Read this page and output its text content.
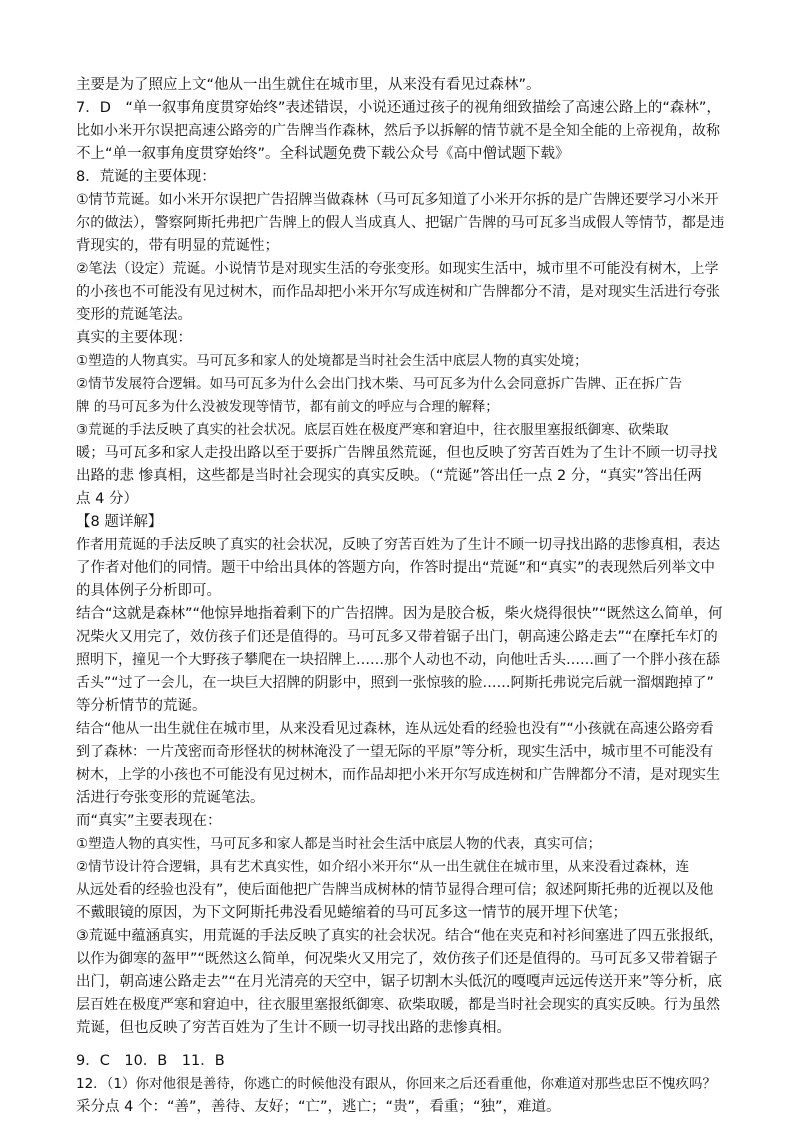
主要是为了照应上文“他从一出生就住在城市里，从来没有看见过森林”。
7．D　“单一叙事角度贯穿始终”表述错误，小说还通过孩子的视角细致描绘了高速公路上的“森林”，
比如小米开尔误把高速公路旁的广告牌当作森林，然后予以拆解的情节就不是全知全能的上帝视角，故称
不上“单一叙事角度贯穿始终”。全科试题免费下载公众号《高中僧试题下载》
8．荒诞的主要体现：
①情节荒诞。如小米开尔误把广告招牌当做森林（马可瓦多知道了小米开尔拆的是广告牌还要学习小米开
尔的做法），警察阿斯托弗把广告牌上的假人当成真人、把锯广告牌的马可瓦多当成假人等情节，都是违
背现实的，带有明显的荒诞性；
②笔法（设定）荒诞。小说情节是对现实生活的夸张变形。如现实生活中，城市里不可能没有树木，上学
的小孩也不可能没有见过树木，而作品却把小米开尔写成连树和广告牌都分不清，是对现实生活进行夸张
变形的荒诞笔法。
真实的主要体现：
①塑造的人物真实。马可瓦多和家人的处境都是当时社会生活中底层人物的真实处境；
②情节发展符合逻辑。如马可瓦多为什么会出门找木柴、马可瓦多为什么会同意拆广告牌、正在拆广告
牌 的马可瓦多为什么没被发现等情节，都有前文的呼应与合理的解释；
③荒诞的手法反映了真实的社会状况。底层百姓在极度严寒和窘迫中，往衣服里塞报纸御寒、砍柴取
暖；马可瓦多和家人走投出路以至于要拆广告牌虽然荒诞，但也反映了穷苦百姓为了生计不顾一切寻找
出路的悲 惨真相，这些都是当时社会现实的真实反映。（“荒诞”答出任一点 2 分，“真实”答出任两
点 4 分）
【8 题详解】
作者用荒诞的手法反映了真实的社会状况，反映了穷苦百姓为了生计不顾一切寻找出路的悲惨真相，表达
了作者对他们的同情。题干中给出具体的答题方向，作答时提出“荒诞”和“真实”的表现然后列举文中
的具体例子分析即可。
结合“这就是森林”“他惊异地指着剩下的广告招牌。因为是胶合板，柴火烧得很快”“既然这么简单，何
况柴火又用完了，效仿孩子们还是值得的。马可瓦多又带着锯子出门，朝高速公路走去”“在摩托车灯的
照明下，撞见一个大野孩子攀爬在一块招牌上……那个人动也不动，向他吐舌头……画了一个胖小孩在舔
舌头”“过了一会儿，在一块巨大招牌的阴影中，照到一张惊骇的脸……阿斯托弗说完后就一溜烟跑掉了”
等分析情节的荒诞。
结合“他从一出生就住在城市里，从来没看见过森林，连从远处看的经验也没有”“小孩就在高速公路旁看
到了森林：一片茂密而奇形怪状的树林淹没了一望无际的平原”等分析，现实生活中，城市里不可能没有
树木，上学的小孩也不可能没有见过树木，而作品却把小米开尔写成连树和广告牌都分不清，是对现实生
活进行夸张变形的荒诞笔法。
而“真实”主要表现在：
①塑造人物的真实性，马可瓦多和家人都是当时社会生活中底层人物的代表，真实可信；
②情节设计符合逻辑，具有艺术真实性，如介绍小米开尔“从一出生就住在城市里，从来没看过森林，连
从远处看的经验也没有”，使后面他把广告牌当成树林的情节显得合理可信；叙述阿斯托弗的近视以及他
不戴眼镜的原因，为下文阿斯托弗没看见蜷缩着的马可瓦多这一情节的展开埋下伏笔；
③荒诞中蕴涵真实，用荒诞的手法反映了真实的社会状况。结合“他在夹克和衬衫间塞进了四五张报纸，
以作为御寒的盔甲”“既然这么简单，何况柴火又用完了，效仿孩子们还是值得的。马可瓦多又带着锯子
出门，朝高速公路走去”“在月光清亮的天空中，锯子切割木头低沉的嘎嘎声远远传送开来”等分析，底
层百姓在极度严寒和窘迫中，往衣服里塞报纸御寒、砍柴取暖，都是当时社会现实的真实反映。行为虽然
荒诞，但也反映了穷苦百姓为了生计不顾一切寻找出路的悲惨真相。
9．C　10．B　11．B
12．（1）你对他很是善待，你逃亡的时候他没有跟从，你回来之后还看重他，你难道对那些忠臣不愧疚吗？
采分点 4 个：“善”，善待、友好；“亡”，逃亡；“贵”，看重；“独”，难道。
